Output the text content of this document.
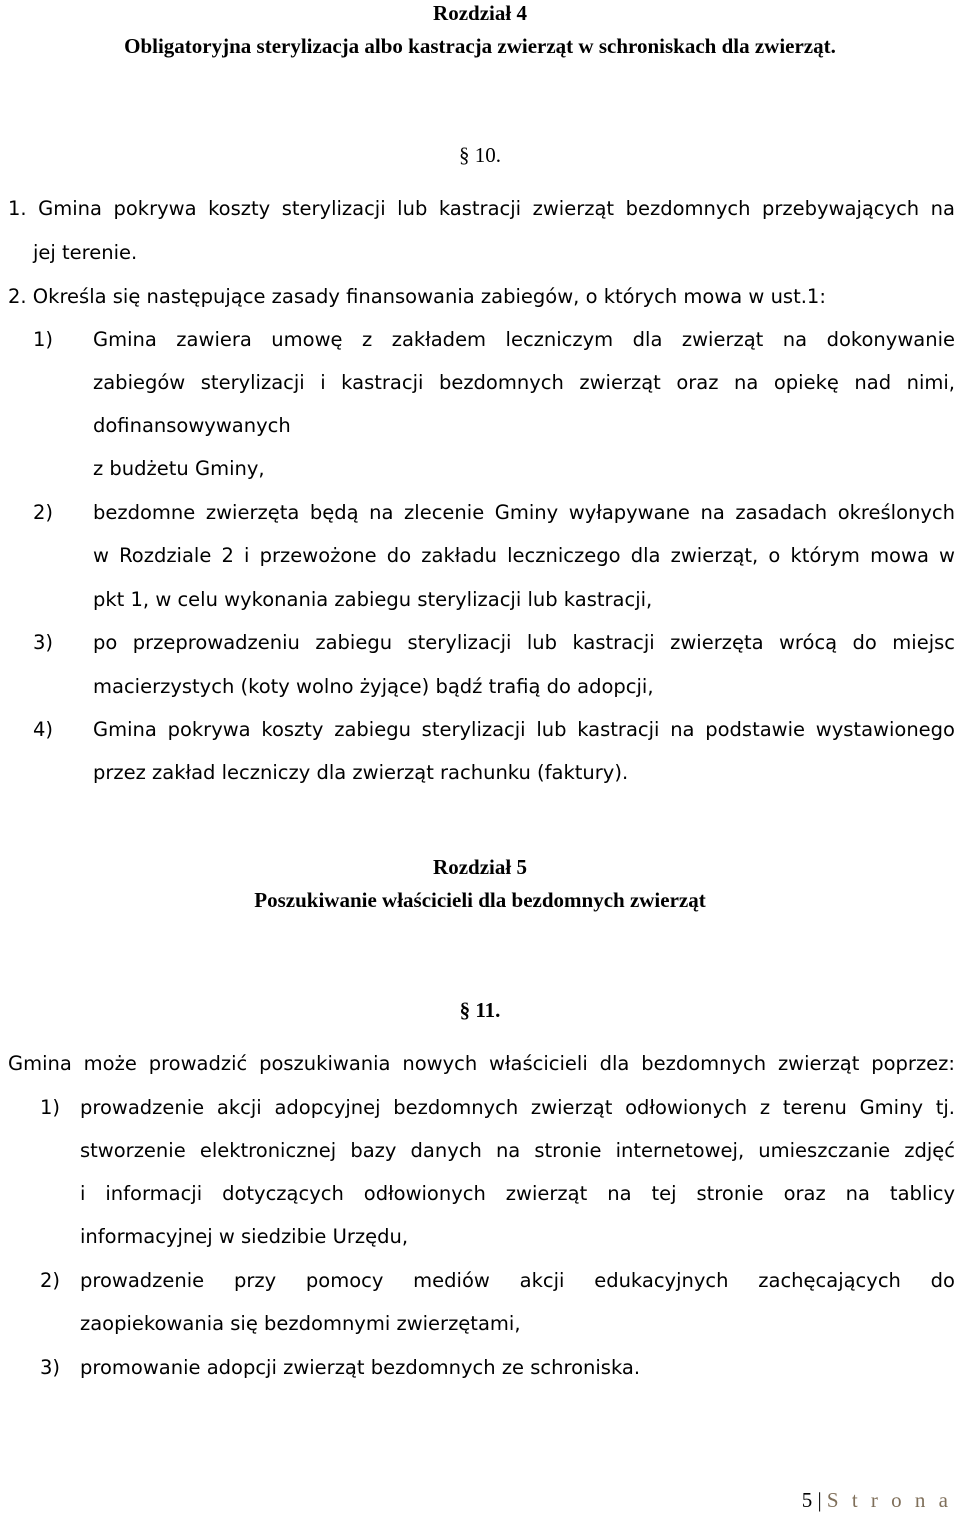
Rozdział 4
Obligatoryjna sterylizacja albo kastracja zwierząt w schroniskach dla zwierząt.
§ 10.
1. Gmina pokrywa koszty sterylizacji lub kastracji zwierząt bezdomnych przebywających na
jej terenie.
2. Określa się następujące zasady finansowania zabiegów, o których mowa w ust.1:
1) Gmina zawiera umowę z zakładem leczniczym dla zwierząt na dokonywanie
zabiegów sterylizacji i kastracji bezdomnych zwierząt oraz na opiekę nad nimi,
dofinansowywanych
z budżetu Gminy,
2) bezdomne zwierzęta będą na zlecenie Gminy wyłapywane na zasadach określonych
w Rozdziale 2 i przewożone do zakładu leczniczego dla zwierząt, o którym mowa w
pkt 1, w celu wykonania zabiegu sterylizacji lub kastracji,
3) po przeprowadzeniu zabiegu sterylizacji lub kastracji zwierzęta wrócą do miejsc
macierzystych (koty wolno żyjące) bądź trafią do adopcji,
4) Gmina pokrywa koszty zabiegu sterylizacji lub kastracji na podstawie wystawionego
przez zakład leczniczy dla zwierząt rachunku (faktury).
Rozdział 5
Poszukiwanie właścicieli dla bezdomnych zwierząt
§ 11.
Gmina może prowadzić poszukiwania nowych właścicieli dla bezdomnych zwierząt poprzez:
1) prowadzenie akcji adopcyjnej bezdomnych zwierząt odłowionych z terenu Gminy tj.
stworzenie elektronicznej bazy danych na stronie internetowej, umieszczanie zdjęć
i informacji dotyczących odłowionych zwierząt na tej stronie oraz na tablicy
informacyjnej w siedzibie Urzędu,
2) prowadzenie przy pomocy mediów akcji edukacyjnych zachęcających do
zaopiekowania się bezdomnymi zwierzętami,
3) promowanie adopcji zwierząt bezdomnych ze schroniska.
5 | S t r o n a
